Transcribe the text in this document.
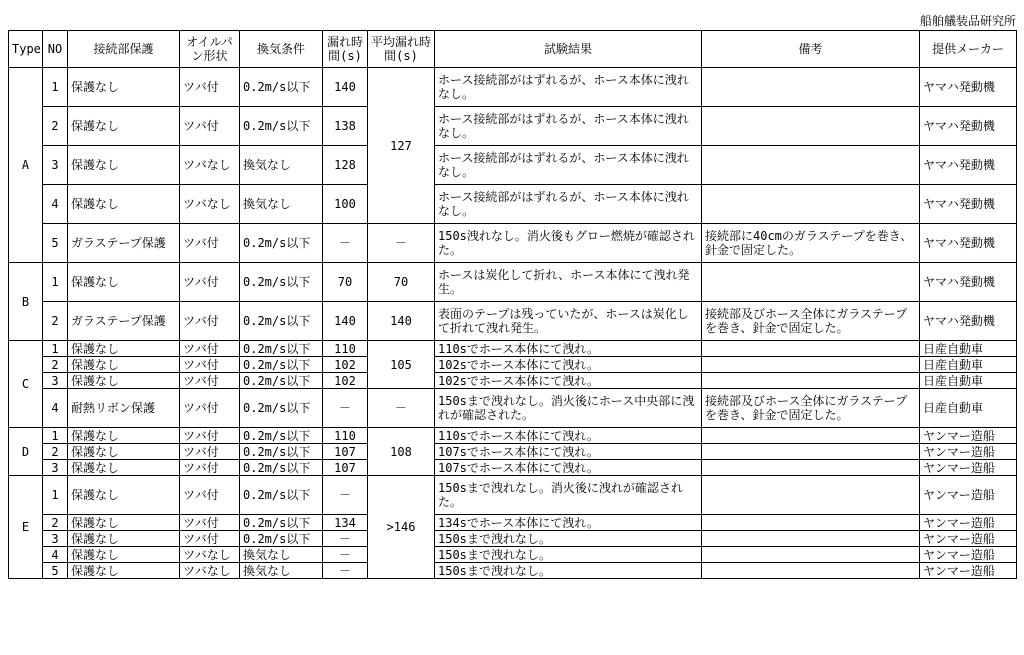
船舶艤装品研究所
Type	NO	接続部保護	オイルパン形状	換気条件	漏れ時間(s)	平均漏れ時間(s)	試験結果	備考	提供メーカー
A	1	保護なし	ツバ付	0.2m/s以下	140	127	ホース接続部がはずれるが、ホース本体に洩れなし。		ヤマハ発動機
	2	保護なし	ツバ付	0.2m/s以下	138		ホース接続部がはずれるが、ホース本体に洩れなし。		ヤマハ発動機
	3	保護なし	ツバなし	換気なし	128		ホース接続部がはずれるが、ホース本体に洩れなし。		ヤマハ発動機
	4	保護なし	ツバなし	換気なし	100		ホース接続部がはずれるが、ホース本体に洩れなし。		ヤマハ発動機
	5	ガラステープ保護	ツバ付	0.2m/s以下	－	－	150s洩れなし。消火後もグロー燃焼が確認された。	接続部に40cmのガラステープを巻き、針金で固定した。	ヤマハ発動機
B	1	保護なし	ツバ付	0.2m/s以下	70	70	ホースは炭化して折れ、ホース本体にて洩れ発生。		ヤマハ発動機
	2	ガラステープ保護	ツバ付	0.2m/s以下	140	140	表面のテープは残っていたが、ホースは炭化して折れて洩れ発生。	接続部及びホース全体にガラステープを巻き、針金で固定した。	ヤマハ発動機
C	1	保護なし	ツバ付	0.2m/s以下	110	105	110sでホース本体にて洩れ。		日産自動車
	2	保護なし	ツバ付	0.2m/s以下	102		102sでホース本体にて洩れ。		日産自動車
	3	保護なし	ツバ付	0.2m/s以下	102		102sでホース本体にて洩れ。		日産自動車
	4	耐熱リボン保護	ツバ付	0.2m/s以下	－	－	150sまで洩れなし。消火後にホース中央部に洩れが確認された。	接続部及びホース全体にガラステープを巻き、針金で固定した。	日産自動車
D	1	保護なし	ツバ付	0.2m/s以下	110	108	110sでホース本体にて洩れ。		ヤンマー造船
	2	保護なし	ツバ付	0.2m/s以下	107		107sでホース本体にて洩れ。		ヤンマー造船
	3	保護なし	ツバ付	0.2m/s以下	107		107sでホース本体にて洩れ。		ヤンマー造船
E	1	保護なし	ツバ付	0.2m/s以下	－	>146	150sまで洩れなし。消火後に洩れが確認された。		ヤンマー造船
	2	保護なし	ツバ付	0.2m/s以下	134		134sでホース本体にて洩れ。		ヤンマー造船
	3	保護なし	ツバ付	0.2m/s以下	－		150sまで洩れなし。		ヤンマー造船
	4	保護なし	ツバなし	換気なし	－		150sまで洩れなし。		ヤンマー造船
	5	保護なし	ツバなし	換気なし	－		150sまで洩れなし。		ヤンマー造船
